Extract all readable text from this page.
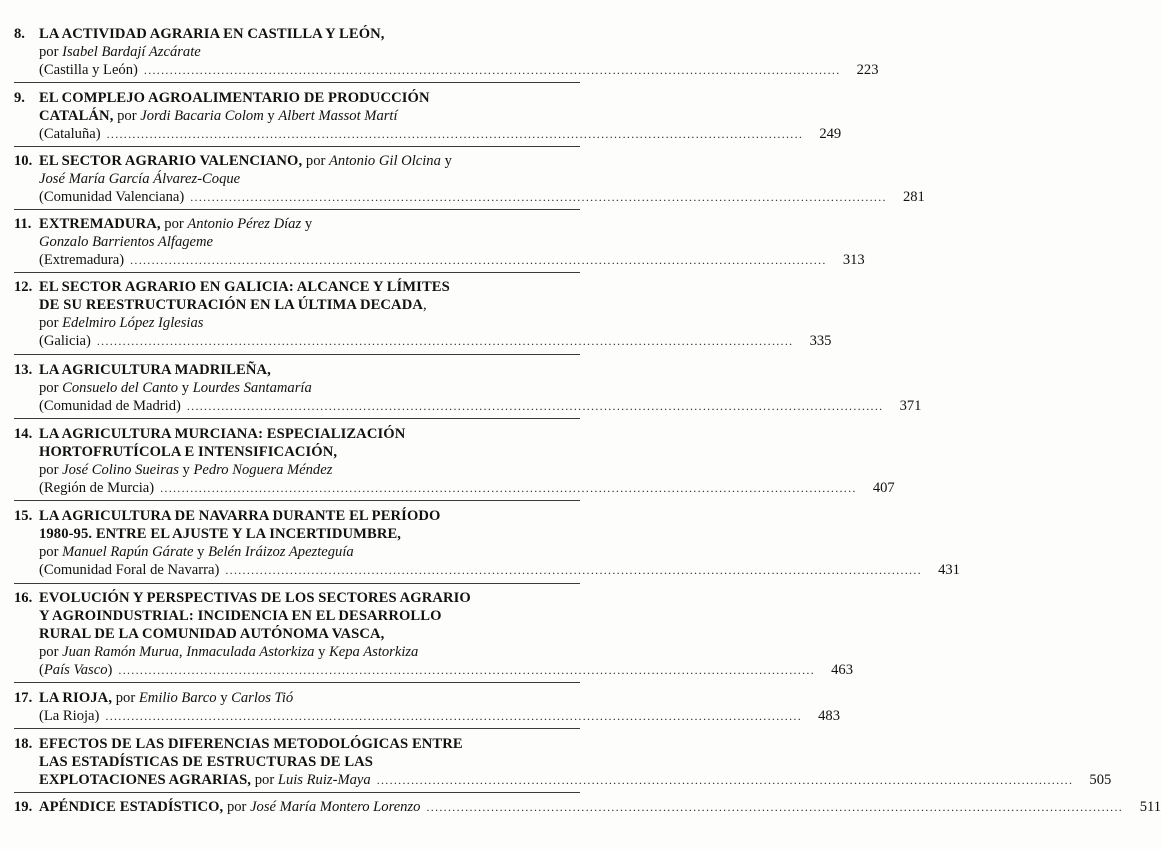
8. LA ACTIVIDAD AGRARIA EN CASTILLA Y LEÓN,
por Isabel Bardají Azcárate
(Castilla y León) ..................................................................................................................................................................	223
9. EL COMPLEJO AGROALIMENTARIO DE PRODUCCIÓN
CATALÁN, por Jordi Bacaria Colom y Albert Massot Martí
(Cataluña) ..................................................................................................................................................................	249
10. EL SECTOR AGRARIO VALENCIANO, por Antonio Gil Olcina y
José María García Álvarez-Coque
(Comunidad Valenciana) ..................................................................................................................................................................	281
11. EXTREMADURA, por Antonio Pérez Díaz y
Gonzalo Barrientos Alfageme
(Extremadura) ..................................................................................................................................................................	313
12. EL SECTOR AGRARIO EN GALICIA: ALCANCE Y LÍMITES
DE SU REESTRUCTURACIÓN EN LA ÚLTIMA DECADA,
por Edelmiro López Iglesias
(Galicia) ..................................................................................................................................................................	335
13. LA AGRICULTURA MADRILEÑA,
por Consuelo del Canto y Lourdes Santamaría
(Comunidad de Madrid) ..................................................................................................................................................................	371
14. LA AGRICULTURA MURCIANA: ESPECIALIZACIÓN
HORTOFRUTÍCOLA E INTENSIFICACIÓN,
por José Colino Sueiras y Pedro Noguera Méndez
(Región de Murcia) ..................................................................................................................................................................	407
15. LA AGRICULTURA DE NAVARRA DURANTE EL PERÍODO
1980-95. ENTRE EL AJUSTE Y LA INCERTIDUMBRE,
por Manuel Rapún Gárate y Belén Iráizoz Apezteguía
(Comunidad Foral de Navarra) ..................................................................................................................................................................	431
16. EVOLUCIÓN Y PERSPECTIVAS DE LOS SECTORES AGRARIO
Y AGROINDUSTRIAL: INCIDENCIA EN EL DESARROLLO
RURAL DE LA COMUNIDAD AUTÓNOMA VASCA,
por Juan Ramón Murua, Inmaculada Astorkiza y Kepa Astorkiza
(País Vasco) ..................................................................................................................................................................	463
17. LA RIOJA, por Emilio Barco y Carlos Tió
(La Rioja) ..................................................................................................................................................................	483
18. EFECTOS DE LAS DIFERENCIAS METODOLÓGICAS ENTRE
LAS ESTADÍSTICAS DE ESTRUCTURAS DE LAS
EXPLOTACIONES AGRARIAS, por Luis Ruiz-Maya ..................................................................................................................................................................	505
19. APÉNDICE ESTADÍSTICO, por José María Montero Lorenzo ..................................................................................................................................................................	511
